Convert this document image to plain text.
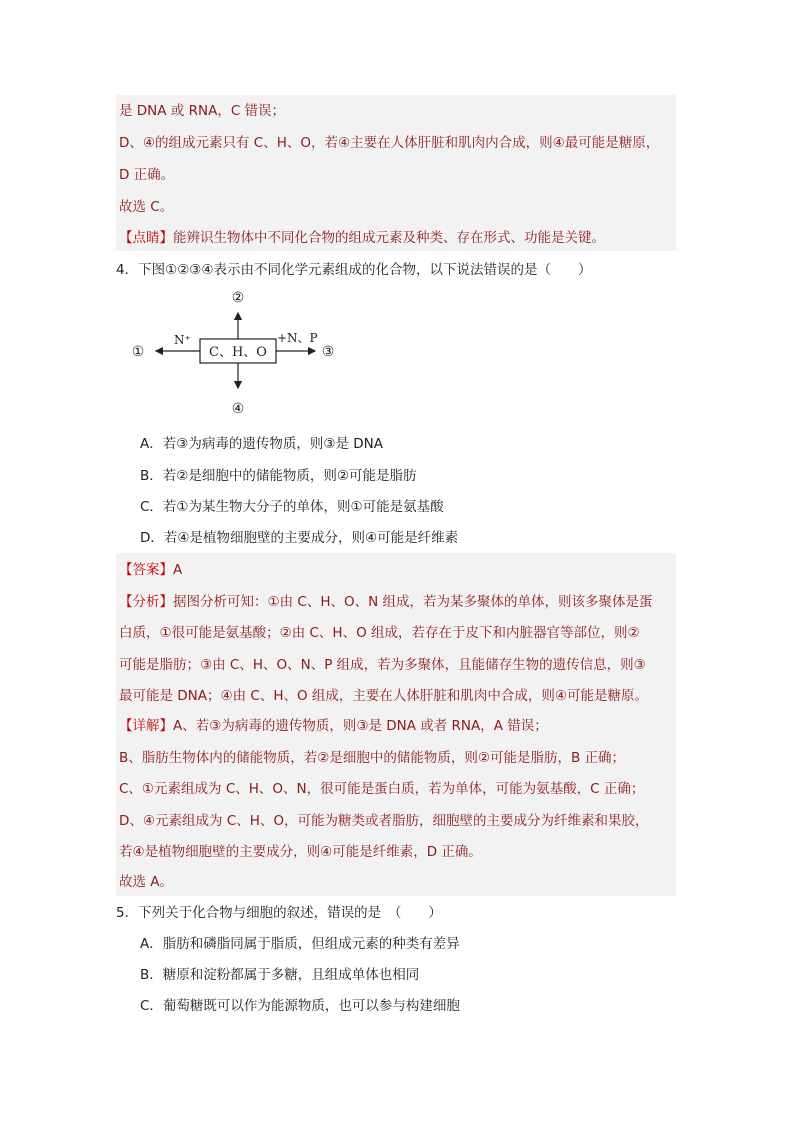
是 DNA 或 RNA，C 错误；
D、④的组成元素只有 C、H、O，若④主要在人体肝脏和肌肉内合成，则④最可能是糖原，
D 正确。
故选 C。
【点睛】能辨识生物体中不同化合物的组成元素及种类、存在形式、功能是关键。
4．下图①②③④表示由不同化学元素组成的化合物，以下说法错误的是（　　）
C、H、O
②
④
①
N⁺
③
+N、P
A．若③为病毒的遗传物质，则③是 DNA
B．若②是细胞中的储能物质，则②可能是脂肪
C．若①为某生物大分子的单体，则①可能是氨基酸
D．若④是植物细胞壁的主要成分，则④可能是纤维素
【答案】A
【分析】据图分析可知：①由 C、H、O、N 组成，若为某多聚体的单体，则该多聚体是蛋
白质，①很可能是氨基酸；②由 C、H、O 组成，若存在于皮下和内脏器官等部位，则②
可能是脂肪；③由 C、H、O、N、P 组成，若为多聚体，且能储存生物的遗传信息，则③
最可能是 DNA；④由 C、H、O 组成，主要在人体肝脏和肌肉中合成，则④可能是糖原。
【详解】A、若③为病毒的遗传物质，则③是 DNA 或者 RNA，A 错误；
B、脂肪生物体内的储能物质，若②是细胞中的储能物质，则②可能是脂肪，B 正确；
C、①元素组成为 C、H、O、N，很可能是蛋白质，若为单体，可能为氨基酸，C 正确；
D、④元素组成为 C、H、O，可能为糖类或者脂肪，细胞壁的主要成分为纤维素和果胶，
若④是植物细胞壁的主要成分，则④可能是纤维素，D 正确。
故选 A。
5．下列关于化合物与细胞的叙述，错误的是　（　　）
A．脂肪和磷脂同属于脂质，但组成元素的种类有差异
B．糖原和淀粉都属于多糖，且组成单体也相同
C．葡萄糖既可以作为能源物质，也可以参与构建细胞
